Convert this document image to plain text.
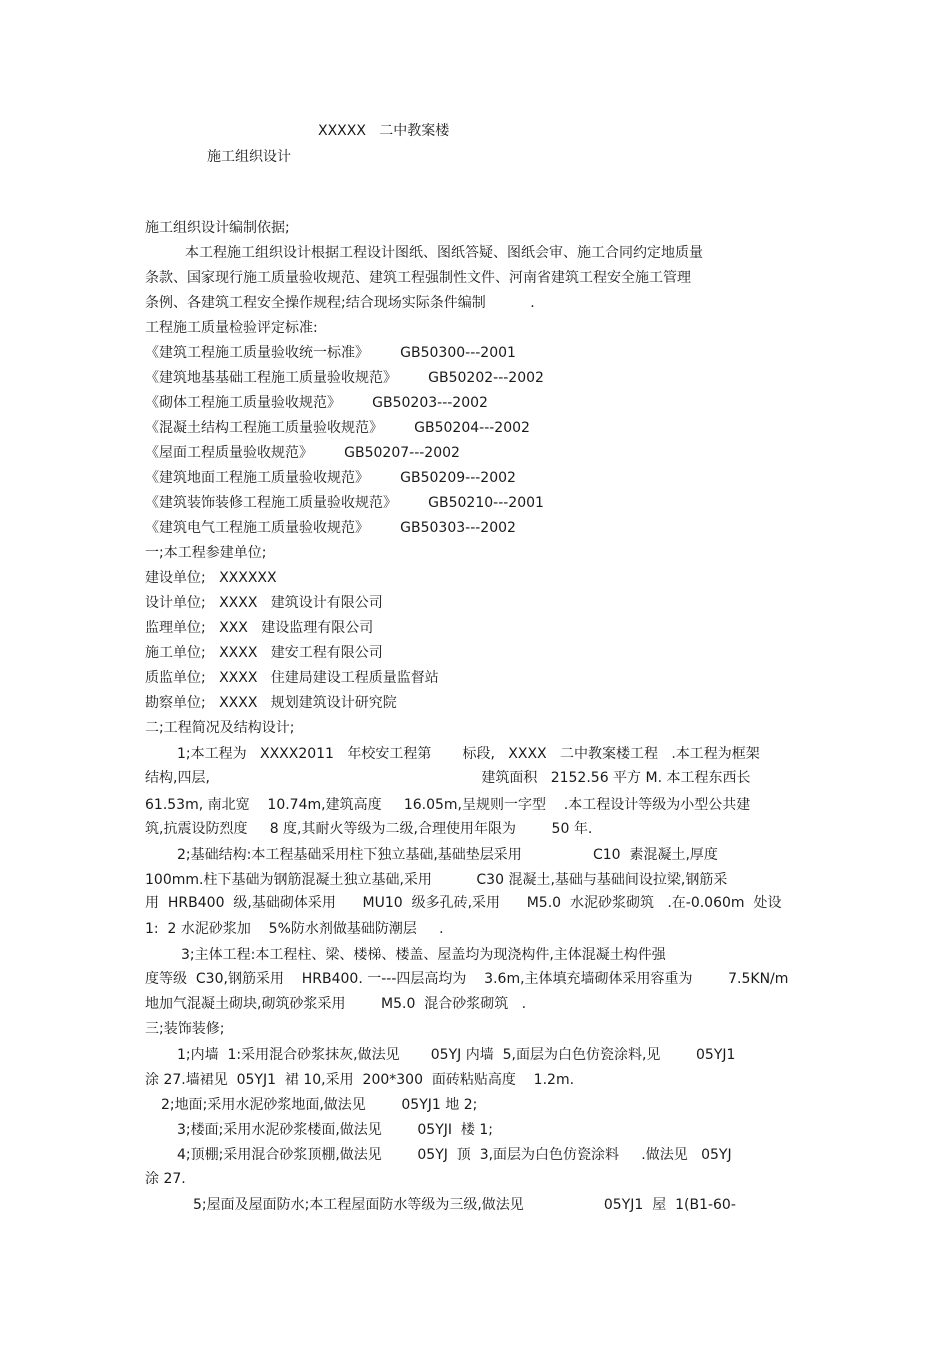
XXXXX   二中教案楼
施工组织设计
施工组织设计编制依据;
本工程施工组织设计根据工程设计图纸、图纸答疑、图纸会审、施工合同约定地质量
条款、国家现行施工质量验收规范、建筑工程强制性文件、河南省建筑工程安全施工管理
条例、各建筑工程安全操作规程;结合现场实际条件编制          .
工程施工质量检验评定标准:
《建筑工程施工质量验收统一标准》       GB50300---2001
《建筑地基基础工程施工质量验收规范》       GB50202---2002
《砌体工程施工质量验收规范》       GB50203---2002
《混凝土结构工程施工质量验收规范》       GB50204---2002
《屋面工程质量验收规范》       GB50207---2002
《建筑地面工程施工质量验收规范》       GB50209---2002
《建筑装饰装修工程施工质量验收规范》       GB50210---2001
《建筑电气工程施工质量验收规范》       GB50303---2002
一;本工程参建单位;
建设单位;   XXXXXX
设计单位;   XXXX   建筑设计有限公司
监理单位;   XXX   建设监理有限公司
施工单位;   XXXX   建安工程有限公司
质监单位;   XXXX   住建局建设工程质量监督站
勘察单位;   XXXX   规划建筑设计研究院
二;工程简况及结构设计;
1;本工程为   XXXX2011   年校安工程第       标段,   XXXX   二中教案楼工程   .本工程为框架
结构,四层,                                                             建筑面积   2152.56 平方 M. 本工程东西长
61.53m, 南北宽    10.74m,建筑高度     16.05m,呈规则一字型    .本工程设计等级为小型公共建
筑,抗震设防烈度     8 度,其耐火等级为二级,合理使用年限为        50 年.
2;基础结构:本工程基础采用柱下独立基础,基础垫层采用                C10  素混凝土,厚度
100mm.柱下基础为钢筋混凝土独立基础,采用          C30 混凝土,基础与基础间设拉梁,钢筋采
用  HRB400  级,基础砌体采用      MU10  级多孔砖,采用      M5.0  水泥砂浆砌筑   .在-0.060m  处设
1:  2 水泥砂浆加    5%防水剂做基础防潮层     .
3;主体工程:本工程柱、梁、楼梯、楼盖、屋盖均为现浇构件,主体混凝土构件强
度等级  C30,钢筋采用    HRB400. 一---四层高均为    3.6m,主体填充墙砌体采用容重为        7.5KN/m
地加气混凝土砌块,砌筑砂浆采用        M5.0  混合砂浆砌筑   .
三;装饰装修;
1;内墙  1:采用混合砂浆抹灰,做法见       05YJ 内墙  5,面层为白色仿瓷涂料,见        05YJ1
涂 27.墙裙见  05YJ1  裙 10,采用  200*300  面砖粘贴高度    1.2m.
2;地面;采用水泥砂浆地面,做法见        05YJ1 地 2;
3;楼面;采用水泥砂浆楼面,做法见        05YJI  楼 1;
4;顶棚;采用混合砂浆顶棚,做法见        05YJ  顶  3,面层为白色仿瓷涂料     .做法见   05YJ
涂 27.
5;屋面及屋面防水;本工程屋面防水等级为三级,做法见                  05YJ1  屋  1(B1-60-
